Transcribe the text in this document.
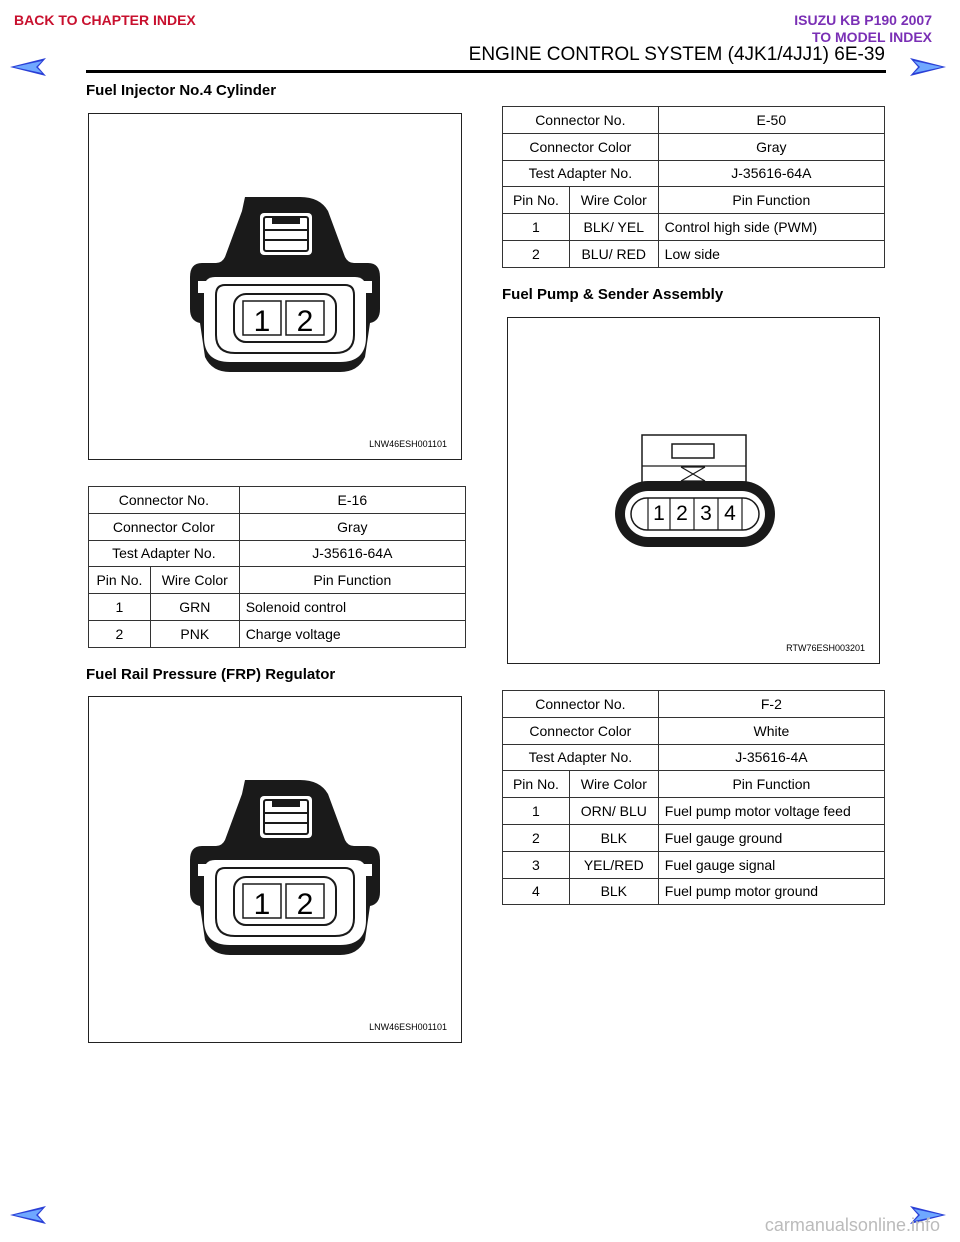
BACK TO CHAPTER INDEX	ISUZU KB P190 2007
TO MODEL INDEX
ENGINE CONTROL SYSTEM (4JK1/4JJ1) 6E-39
Fuel Injector No.4 Cylinder
1 2
LNW46ESH001101
Connector No.		E-50
Connector Color		Gray
Test Adapter No.		J-35616-64A
Pin No.	Wire Color	Pin Function
1	BLK/ YEL	Control high side (PWM)
2	BLU/ RED	Low side
Fuel Pump & Sender Assembly
1 2 3 4
RTW76ESH003201
Connector No.		E-16
Connector Color		Gray
Test Adapter No.		J-35616-64A
Pin No.	Wire Color	Pin Function
1	GRN	Solenoid control
2	PNK	Charge voltage
Fuel Rail Pressure (FRP) Regulator
1 2
LNW46ESH001101
Connector No.		F-2
Connector Color		White
Test Adapter No.		J-35616-4A
Pin No.	Wire Color	Pin Function
1	ORN/ BLU	Fuel pump motor voltage feed
2	BLK	Fuel gauge ground
3	YEL/RED	Fuel gauge signal
4	BLK	Fuel pump motor ground
carmanualsonline.info
